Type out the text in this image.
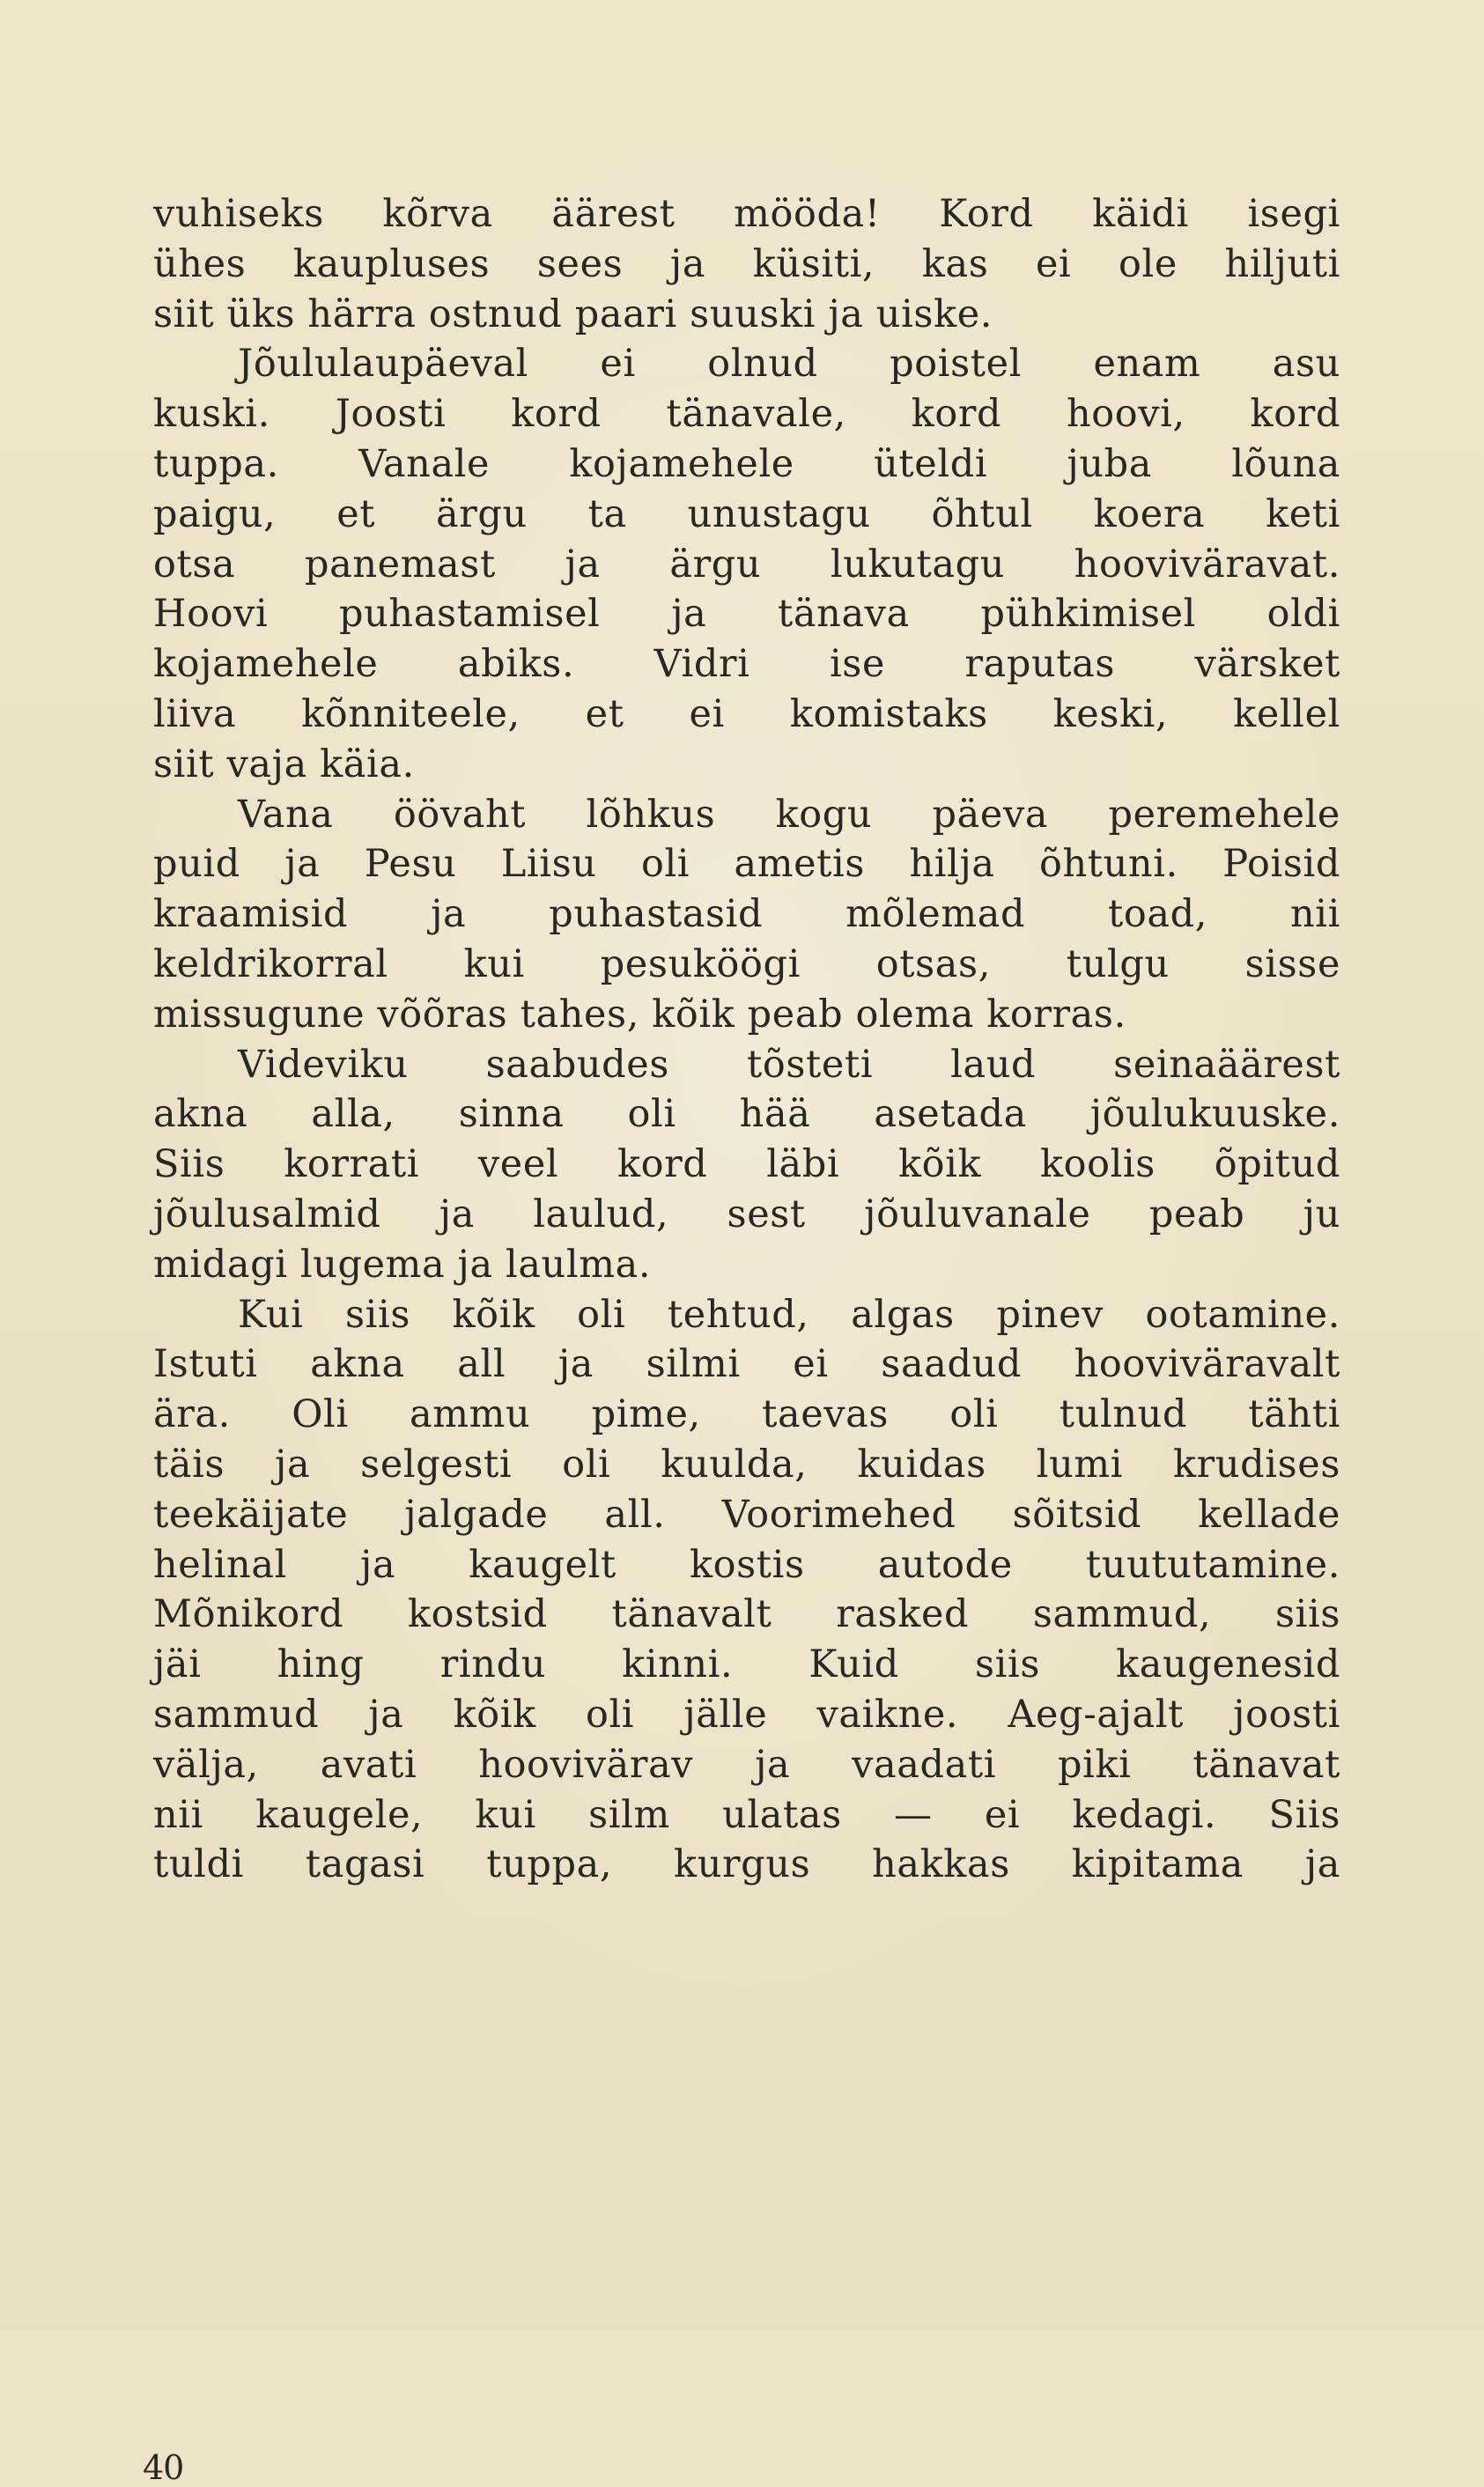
vuhiseks kõrva äärest mööda! Kord käidi isegi
ühes kaupluses sees ja küsiti, kas ei ole hiljuti
siit üks härra ostnud paari suuski ja uiske.
Jõululaupäeval ei olnud poistel enam asu
kuski. Joosti kord tänavale, kord hoovi, kord
tuppa. Vanale kojamehele üteldi juba lõuna
paigu, et ärgu ta unustagu õhtul koera keti
otsa panemast ja ärgu lukutagu hooviväravat.
Hoovi puhastamisel ja tänava pühkimisel oldi
kojamehele abiks. Vidri ise raputas värsket
liiva kõnniteele, et ei komistaks keski, kellel
siit vaja käia.
Vana öövaht lõhkus kogu päeva peremehele
puid ja Pesu Liisu oli ametis hilja õhtuni. Poisid
kraamisid ja puhastasid mõlemad toad, nii
keldrikorral kui pesuköögi otsas, tulgu sisse
missugune võõras tahes, kõik peab olema korras.
Videviku saabudes tõsteti laud seinaäärest
akna alla, sinna oli hää asetada jõulukuuske.
Siis korrati veel kord läbi kõik koolis õpitud
jõulusalmid ja laulud, sest jõuluvanale peab ju
midagi lugema ja laulma.
Kui siis kõik oli tehtud, algas pinev ootamine.
Istuti akna all ja silmi ei saadud hooviväravalt
ära. Oli ammu pime, taevas oli tulnud tähti
täis ja selgesti oli kuulda, kuidas lumi krudises
teekäijate jalgade all. Voorimehed sõitsid kellade
helinal ja kaugelt kostis autode tuututamine.
Mõnikord kostsid tänavalt rasked sammud, siis
jäi hing rindu kinni. Kuid siis kaugenesid
sammud ja kõik oli jälle vaikne. Aeg-ajalt joosti
välja, avati hoovivärav ja vaadati piki tänavat
nii kaugele, kui silm ulatas — ei kedagi. Siis
tuldi tagasi tuppa, kurgus hakkas kipitama ja
40
